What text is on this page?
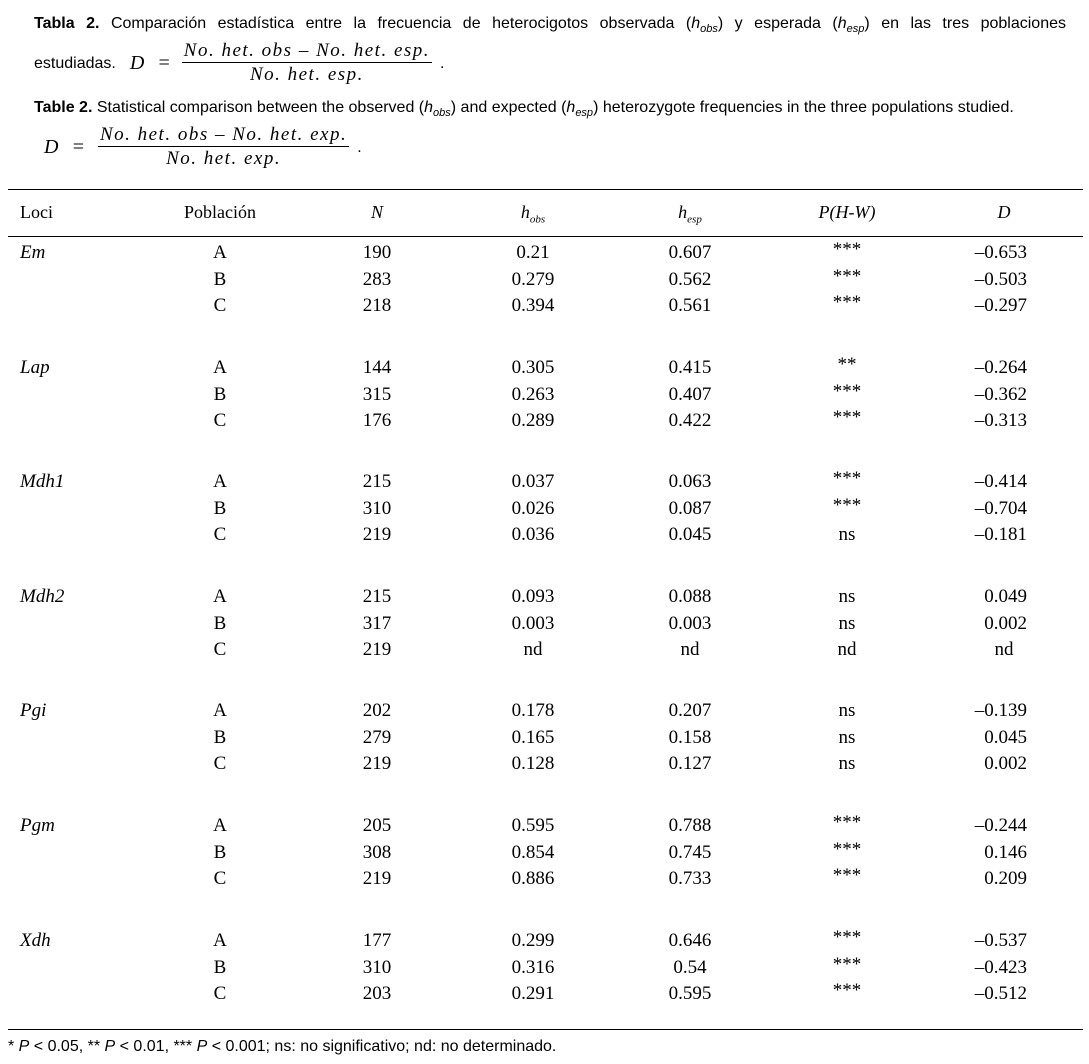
Tabla 2. Comparación estadística entre la frecuencia de heterocigotos observada $(h_{obs})$ y esperada $(h_{esp})$ en las tres poblaciones
estudiadas. $D = \frac{\text{No. het. obs – No. het. esp.}}{\text{No. het. esp.}}$ .
Table 2. Statistical comparison between the observed $(h_{obs})$ and expected $(h_{esp})$ heterozygote frequencies in the three populations studied.
$D = \frac{\text{No. het. obs – No. het. exp.}}{\text{No. het. exp.}}$ .
Loci	Población	N	$h_{obs}$	$h_{esp}$	P(H-W)	D
Em	A	190	0.21	0.607	***	–0.653
B	283	0.279	0.562	***	–0.503
C	218	0.394	0.561	***	–0.297
Lap	A	144	0.305	0.415	**	–0.264
B	315	0.263	0.407	***	–0.362
C	176	0.289	0.422	***	–0.313
Mdh1	A	215	0.037	0.063	***	–0.414
B	310	0.026	0.087	***	–0.704
C	219	0.036	0.045	ns	–0.181
Mdh2	A	215	0.093	0.088	ns	0.049
B	317	0.003	0.003	ns	0.002
C	219	nd	nd	nd	nd
Pgi	A	202	0.178	0.207	ns	–0.139
B	279	0.165	0.158	ns	0.045
C	219	0.128	0.127	ns	0.002
Pgm	A	205	0.595	0.788	***	–0.244
B	308	0.854	0.745	***	0.146
C	219	0.886	0.733	***	0.209
Xdh	A	177	0.299	0.646	***	–0.537
B	310	0.316	0.54	***	–0.423
C	203	0.291	0.595	***	–0.512
* P < 0.05, ** P < 0.01, *** P < 0.001; ns: no significativo; nd: no determinado.
